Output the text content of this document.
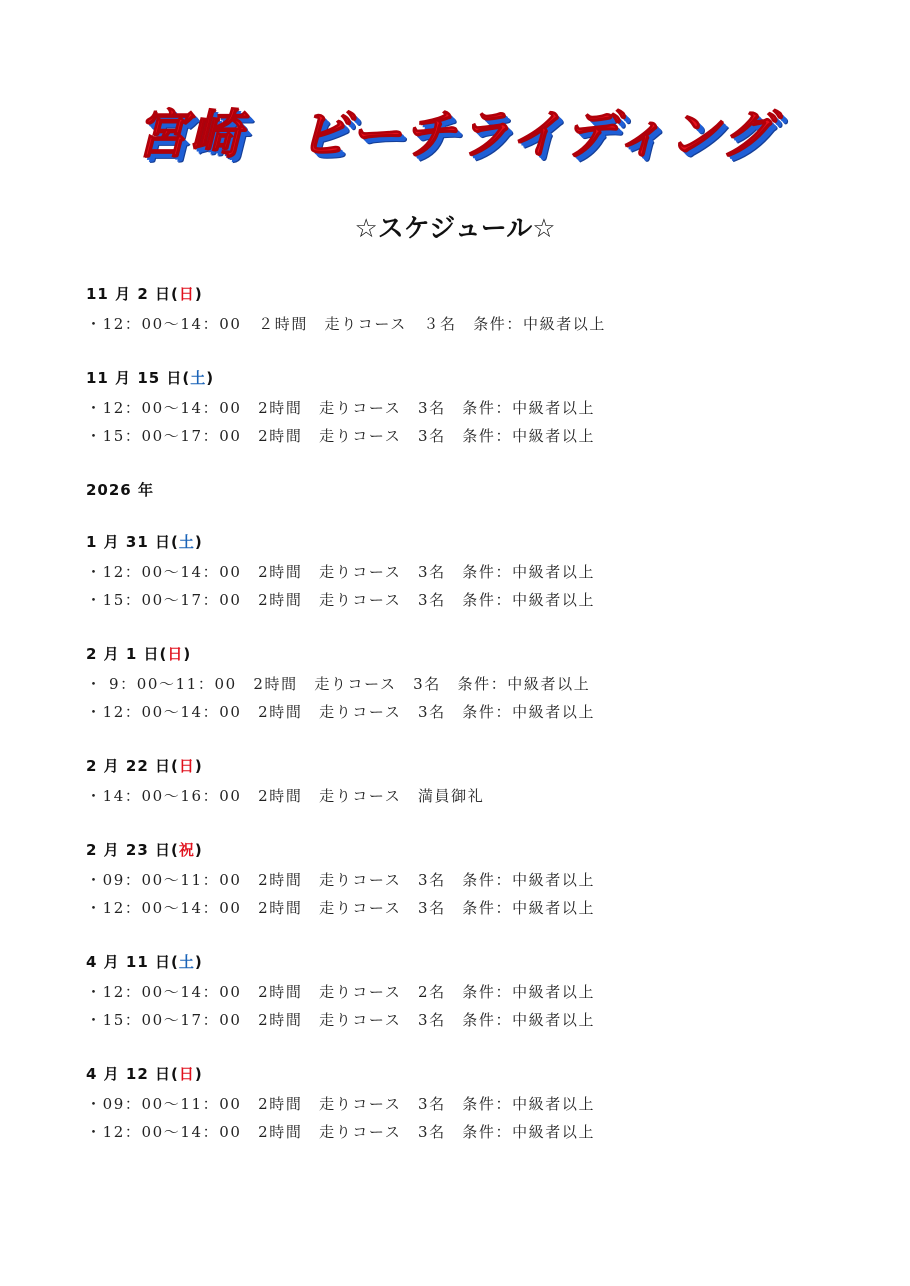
宮崎　ビーチライディング
☆スケジュール☆
11 月 2 日(日)
・12：00～14：00　２時間　走りコース　３名　条件：中級者以上
11 月 15 日(土)
・12：00～14：00　2時間　走りコース　3名　条件：中級者以上
・15：00～17：00　2時間　走りコース　3名　条件：中級者以上
2026 年
1 月 31 日(土)
・12：00～14：00　2時間　走りコース　3名　条件：中級者以上
・15：00～17：00　2時間　走りコース　3名　条件：中級者以上
2 月 1 日(日)
・ 9：00～11：00　2時間　走りコース　3名　条件：中級者以上
・12：00～14：00　2時間　走りコース　3名　条件：中級者以上
2 月 22 日(日)
・14：00～16：00　2時間　走りコース　満員御礼
2 月 23 日(祝)
・09：00～11：00　2時間　走りコース　3名　条件：中級者以上
・12：00～14：00　2時間　走りコース　3名　条件：中級者以上
4 月 11 日(土)
・12：00～14：00　2時間　走りコース　2名　条件：中級者以上
・15：00～17：00　2時間　走りコース　3名　条件：中級者以上
4 月 12 日(日)
・09：00～11：00　2時間　走りコース　3名　条件：中級者以上
・12：00～14：00　2時間　走りコース　3名　条件：中級者以上
